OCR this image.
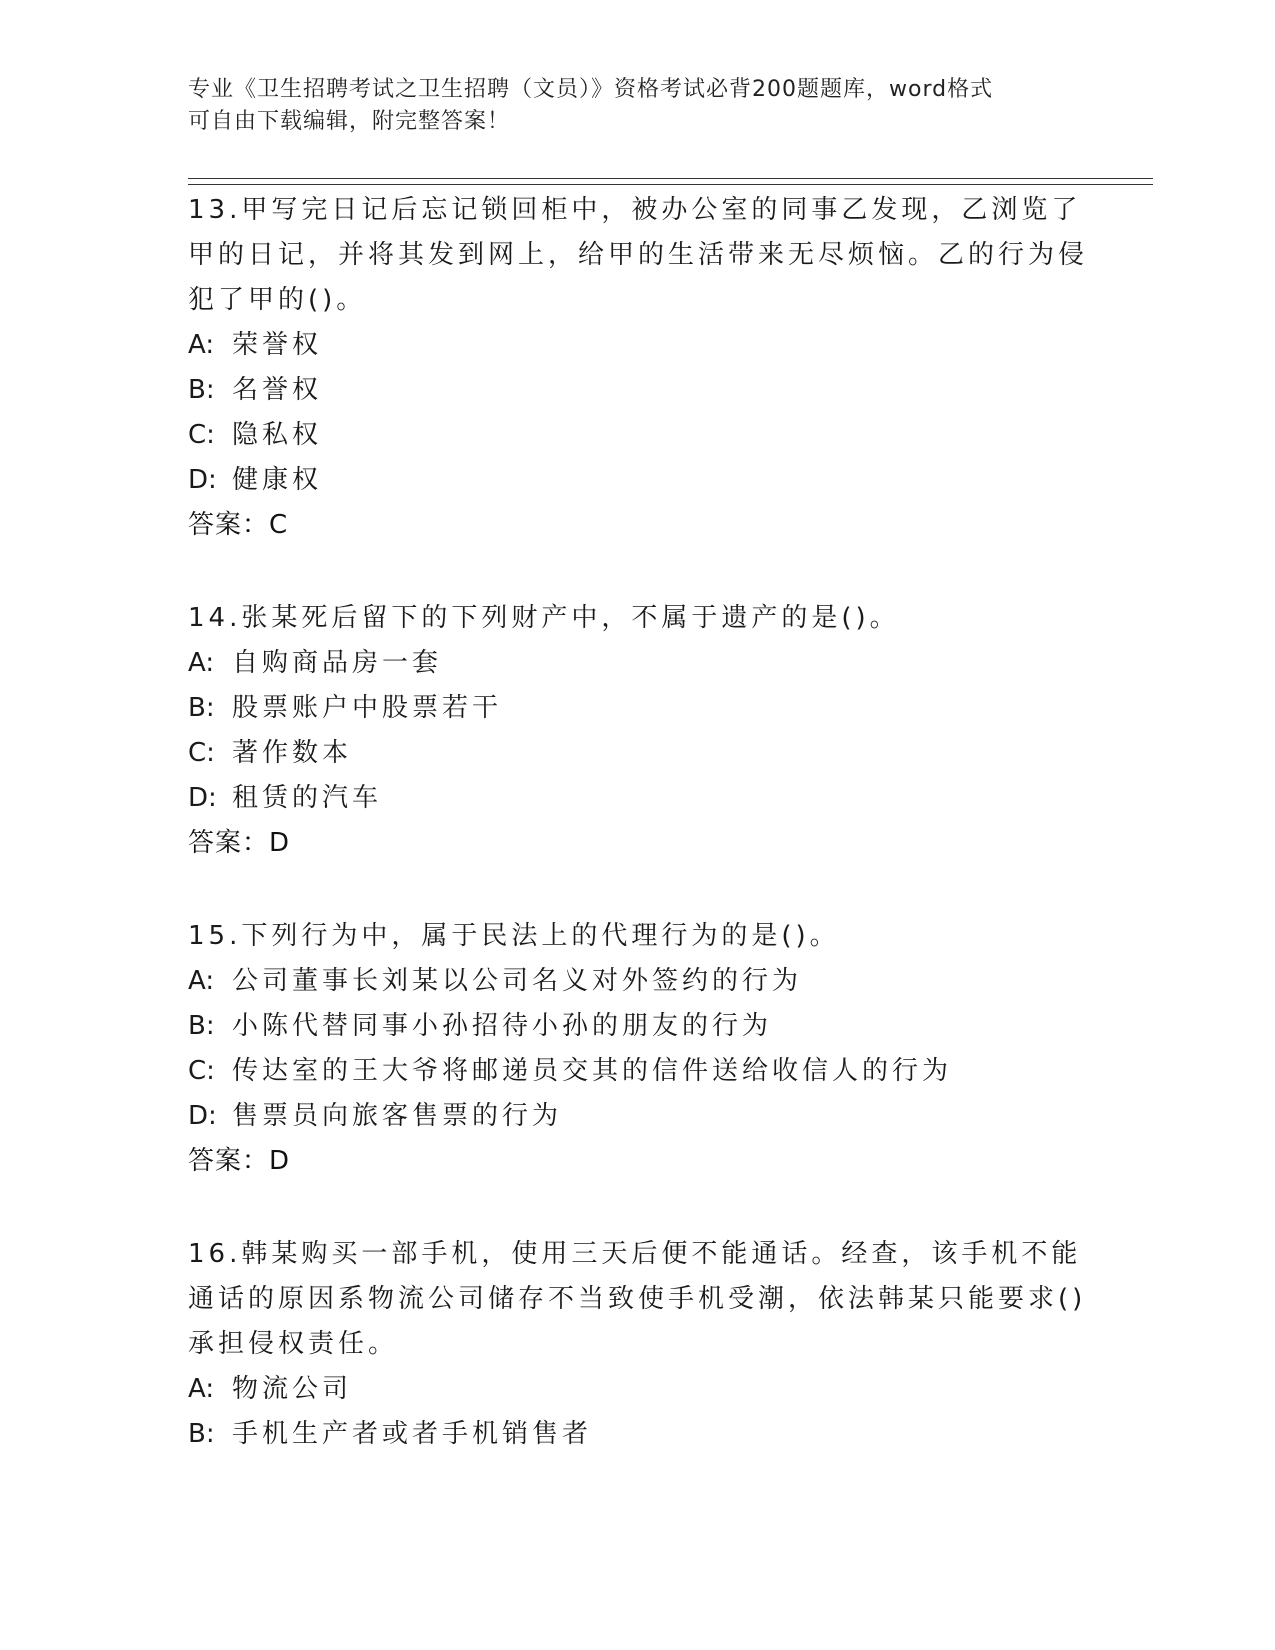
专业《卫生招聘考试之卫生招聘（文员）》资格考试必背200题题库，word格式
可自由下载编辑，附完整答案！

13.甲写完日记后忘记锁回柜中，被办公室的同事乙发现，乙浏览了甲的日记，并将其发到网上，给甲的生活带来无尽烦恼。乙的行为侵犯了甲的()。

A: 荣誉权

B: 名誉权

C: 隐私权

D: 健康权

答案：C

14.张某死后留下的下列财产中，不属于遗产的是()。

A: 自购商品房一套

B: 股票账户中股票若干

C: 著作数本

D: 租赁的汽车

答案：D

15.下列行为中，属于民法上的代理行为的是()。

A: 公司董事长刘某以公司名义对外签约的行为

B: 小陈代替同事小孙招待小孙的朋友的行为

C: 传达室的王大爷将邮递员交其的信件送给收信人的行为

D: 售票员向旅客售票的行为

答案：D

16.韩某购买一部手机，使用三天后便不能通话。经查，该手机不能通话的原因系物流公司储存不当致使手机受潮，依法韩某只能要求()承担侵权责任。

A: 物流公司

B: 手机生产者或者手机销售者
